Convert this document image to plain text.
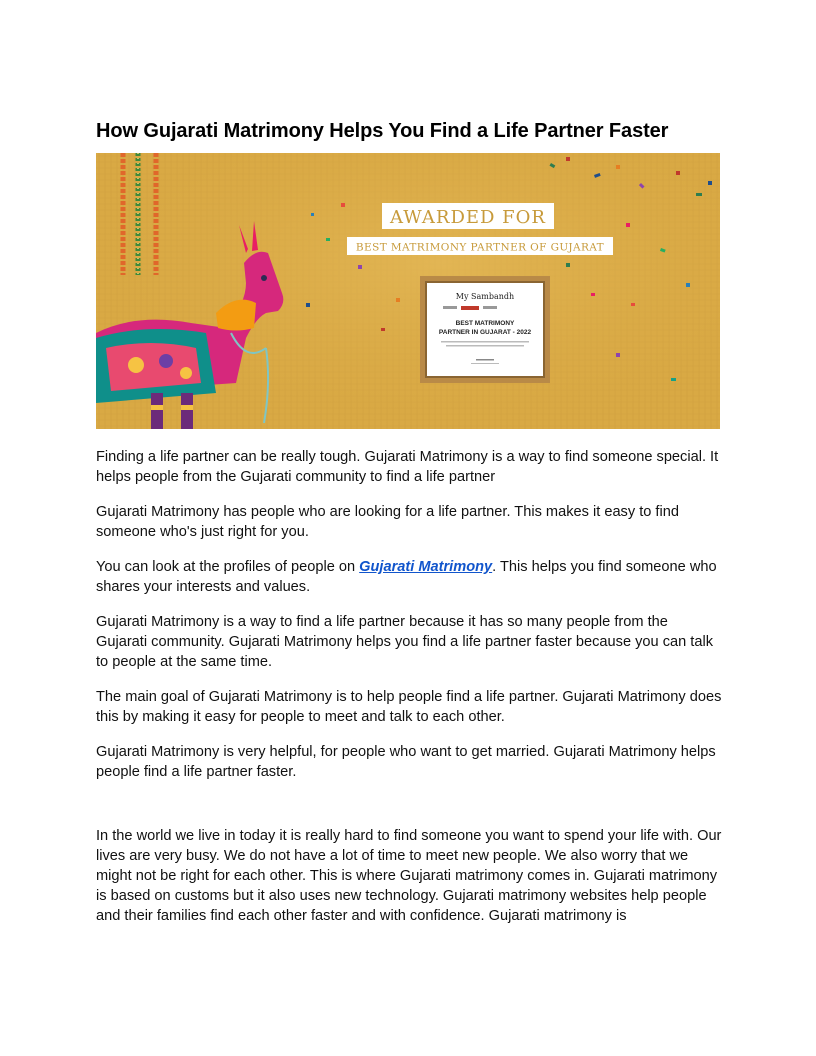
How Gujarati Matrimony Helps You Find a Life Partner Faster
AWARDED FOR
BEST MATRIMONY PARTNER OF GUJARAT
My Sambandh
BEST MATRIMONY
PARTNER IN GUJARAT - 2022

Finding a life partner can be really tough. Gujarati Matrimony is a way to find someone special. It helps people from the Gujarati community to find a life partner

Gujarati Matrimony has people who are looking for a life partner. This makes it easy to find someone who's just right for you.

You can look at the profiles of people on Gujarati Matrimony. This helps you find someone who shares your interests and values.

Gujarati Matrimony is a way to find a life partner because it has so many people from the Gujarati community. Gujarati Matrimony helps you find a life partner faster because you can talk to people at the same time.

The main goal of Gujarati Matrimony is to help people find a life partner. Gujarati Matrimony does this by making it easy for people to meet and talk to each other.

Gujarati Matrimony is very helpful, for people who want to get married. Gujarati Matrimony helps people find a life partner faster.

In the world we live in today it is really hard to find someone you want to spend your life with. Our lives are very busy. We do not have a lot of time to meet new people. We also worry that we might not be right for each other. This is where Gujarati matrimony comes in. Gujarati matrimony is based on customs but it also uses new technology. Gujarati matrimony websites help people and their families find each other faster and with confidence. Gujarati matrimony is
